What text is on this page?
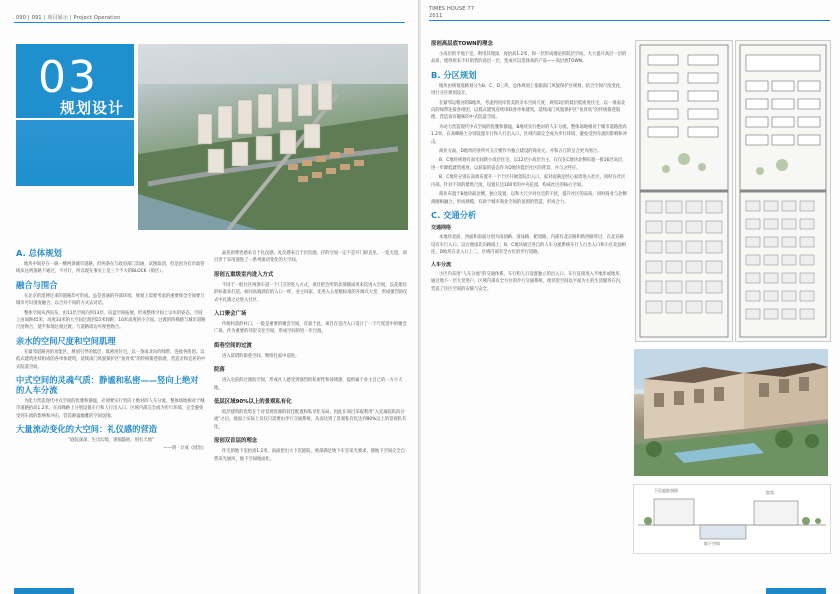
090 | 091 | 项目展示 | Project Operation
03
规划设计
A. 总体规划

地块中间存在一纵一横两条城市道路，但两条在与政府部门沟通，试图取消，但是因为有市政管线从这两条路下通过，不可行，所以现在事实上是三个不大的BLOCK（街区）。

融合与围合

在北京的延伸过来的道路均可形成。虽是普通的外部环境，规划上需要考虑的重要保全空间要与城市可识别度融合，以合并不同的方式去对话。

整体空间从西向东，由11层空间向到13层、向盘空间拓展，形成整体空间上宗水的姿态。空间上由间距45米，高度33米的大空间过渡到15米间距、10米高度的小空间。过渡的阶梯感与城市道路尺度吻合，使平和地过渡过渡，与道路周边可视性吻合。

亲水的空间尺度和空间肌理

在紧邻道路河的功能区，规划引导的低层、低密度住宅，以一条南北向的绿带，连接各组团。以低式建筑连续组成的各单体建筑，延续南门风貌保护区“鱼骨状”的传统街巷肌理，营造亲和宜居的中式院落空间。

中式空间的灵魂气质：静谧和私密——竖向上绝对的人车分流

为能力营造现代中式空间的优雅和静谧，必须要实行竖向上绝对的人车分流。整体场地相对于城市道路抬高1.2米，在高峰路上分别设置车行和人行出入口，区域内部完全成为步行环境，完全避免受到车流的影响和冲击，营造静谧幽雅的空间氛围。

大量流动变化的大空间：礼仪感的营造
“庭院深深，生出幻境，迷隔隐匿，别有天地”
——明 · 计成《园冶》

晶晃的尊贵感来自于礼仪感。礼仪感来自于层次感。抒的空间一定不是开门即直见，一览无遗，项目善于采用递进了一系列流动变化的大空间。

原创五重级室内进入方式

不同于一般住区两条车道一个门卫的进入方式，项目把会所的北部铺成用来次进入空间，以花架综的标准来打造。如同高端酒店的入口一样，业主回家，先进入五星级标准的开阔式大堂，形成强烈的仪式中礼感之后进入社区。

入口聚会广场

传统村落的村口，一般是重要的聚会空间，有量于此，项目在室内入口设计了一个尺度适中的聚会广场，作为重要的邻里交往空间，形成空间的进一步过渡。

街巷空间的过渡

进入富错的街巷空间，继续往家中前进。

院落

进入宅前的过渡院空间，形成社人感受到强烈的私密性和领域感，提供属于业主自己的一方小天地。

低层区域90%以上的景观私有化

低层建筑的优势在于对景观资源的较佳配置和私享化布局。因此在项目采取利用“入室离院私院分流”之后，地面上实际上仅仅只需要由步行交通系统，从而达到了景观私有化达到90%以上的景观私有化。

原创双首层的理念

住宅的地下室抬高1.2米，南面挖出大下沉庭院，底部满足地下车室采光要求。使地下空间完全自然采光通风，地下空间地面化。

TIMES HOUSE 77
2011
原创高层底TOWN的理念

小高层的半地下室，利用其埋深，再抬高1.2米，和一层形成理论的跃层空间。大大提升高层一层的品质，使得原来不好销售的高层一层，变成可以选择高的产品——高层底TOWN。

B. 分区规划

地块由规划道路划分为B、C、D三块，总体规划上依据南门风貌保护区规划，结合空间尺度变化，进行分区规划设计。

在紧邻运粮河的B地块，考虑到河岸优美的亲水空间尺度，规划3层的低层低密度住宅，以一条南北向的绿带连接各组团，以低式建筑连续串联各单体建筑，延续南门风貌保护区“鱼骨状”的传统街巷肌理，营造富有趣味的中式院落空间。

为动力营造现代中式空间的优雅和静谧，B地块实行绝对的人车分流。整体场地相对于城市道路抬高1.2米，在高峰路上分别设置车行和人行出入口，区域内部完全成为步行环境，避免受到车流的影响和冲击。

商业方面，D地块的业所可五丘楼作为独立建设的商业元，并和五丘的呈合更为围合。

B、C地块规划有面光间新小高层住宅，以12层小高层为主，仅仅在C地块北侧布置一排16层高层，进一步降低建筑密度，以获取的姿态作为D地块低层社区的背景，并与之呼应。

B、C地块分别在南端布置开一个个区开阔景院出入口，家对面满足经心家周进入社区，同时在社区内部，针对不同的建筑尺度，设置长达100米的中央花园，构成社区的核心空间。

商业布置于B地块最北侧，独立设置，以和大尺少对住宅的干扰，提升社区的品质。同时商业与北侧商圈相融合，形成规模，有助于城市商业空间的氛围的营造，形成合力。

C. 交通分析
交通网络

本地块北面，西面和南面分别为南园路、清泳路、耙琉路，内部有北京路和新西路穿过，在北京路设有车行入口，以方便南北向路线上，B、C地块通过各自的人车分流系统车行人行出入口和小区北面相连。D地块在北入口上二，区域内部有全方位的步行道路。

人车分流

小区内采用“人车分流”的交通体系。车行和人行设置独立的出入口，车行直接进入半地库或地库，通过地下一层大堂进户。区域内部有全方位的步行交通系统，使邻里空间以平面为主的生活服务在内，营造了住区空间的安静与安全。

下沉庭院剖面
地下空间
院落
